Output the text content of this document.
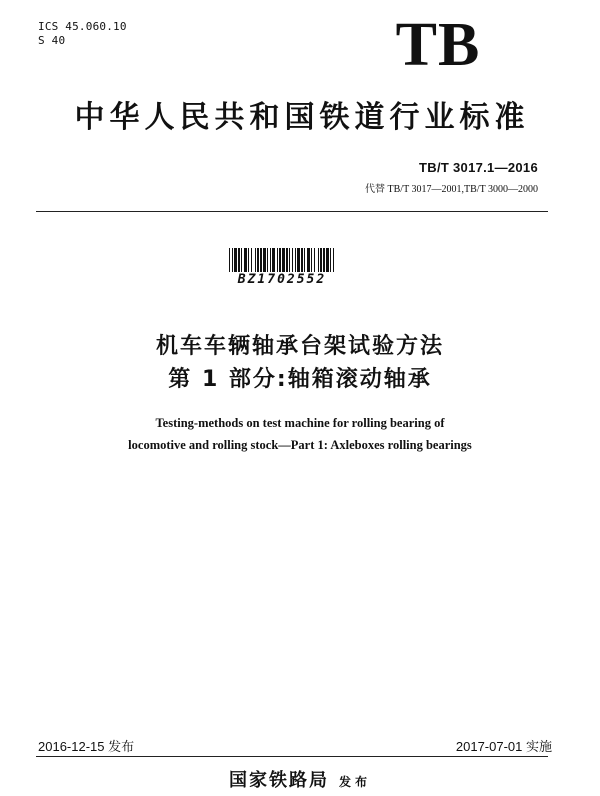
ICS 45.060.10
S 40	TB
中华人民共和国铁道行业标准
TB/T 3017.1—2016
代替 TB/T 3017—2001,TB/T 3000—2000
BZ1702552
机车车辆轴承台架试验方法
第 1 部分:轴箱滚动轴承
Testing-methods on test machine for rolling bearing of
locomotive and rolling stock—Part 1: Axleboxes rolling bearings
2016-12-15 发布	2017-07-01 实施
国家铁路局 发布
